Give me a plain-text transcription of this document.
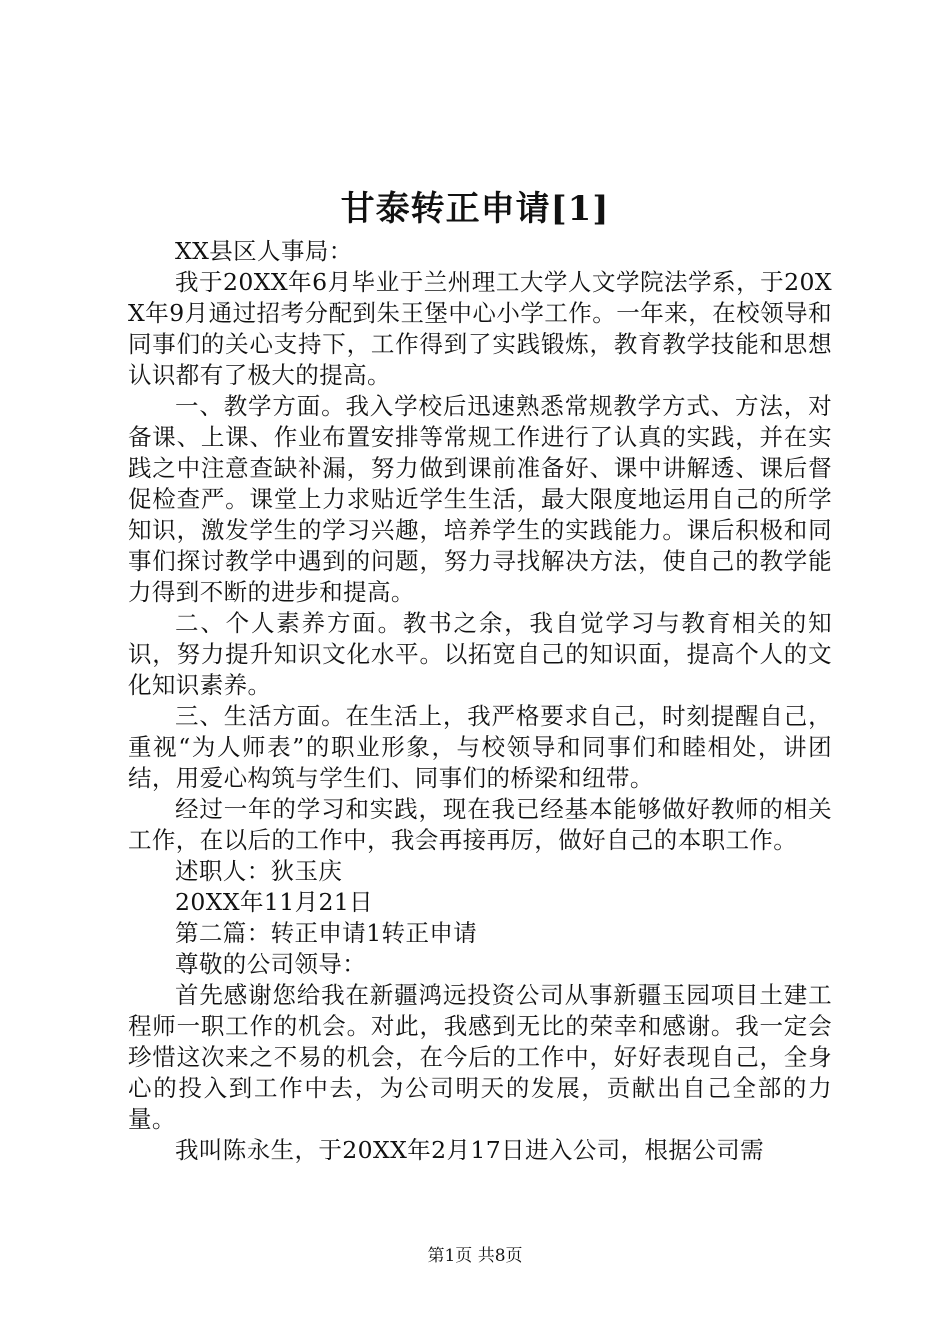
甘泰转正申请[1]

XX县区人事局：

我于20XX年6月毕业于兰州理工大学人文学院法学系，于20XX年9月通过招考分配到朱王堡中心小学工作。一年来，在校领导和同事们的关心支持下，工作得到了实践锻炼，教育教学技能和思想认识都有了极大的提高。

一、教学方面。我入学校后迅速熟悉常规教学方式、方法，对备课、上课、作业布置安排等常规工作进行了认真的实践，并在实践之中注意查缺补漏，努力做到课前准备好、课中讲解透、课后督促检查严。课堂上力求贴近学生生活，最大限度地运用自己的所学知识，激发学生的学习兴趣，培养学生的实践能力。课后积极和同事们探讨教学中遇到的问题，努力寻找解决方法，使自己的教学能力得到不断的进步和提高。

二、个人素养方面。教书之余，我自觉学习与教育相关的知识，努力提升知识文化水平。以拓宽自己的知识面，提高个人的文化知识素养。

三、生活方面。在生活上，我严格要求自己，时刻提醒自己，重视“为人师表”的职业形象，与校领导和同事们和睦相处，讲团结，用爱心构筑与学生们、同事们的桥梁和纽带。

经过一年的学习和实践，现在我已经基本能够做好教师的相关工作，在以后的工作中，我会再接再厉，做好自己的本职工作。

述职人：狄玉庆

20XX年11月21日

第二篇：转正申请1转正申请

尊敬的公司领导：

首先感谢您给我在新疆鸿远投资公司从事新疆玉园项目土建工程师一职工作的机会。对此，我感到无比的荣幸和感谢。我一定会珍惜这次来之不易的机会，在今后的工作中，好好表现自己，全身心的投入到工作中去，为公司明天的发展，贡献出自己全部的力量。

我叫陈永生，于20XX年2月17日进入公司，根据公司需

第1页 共8页
